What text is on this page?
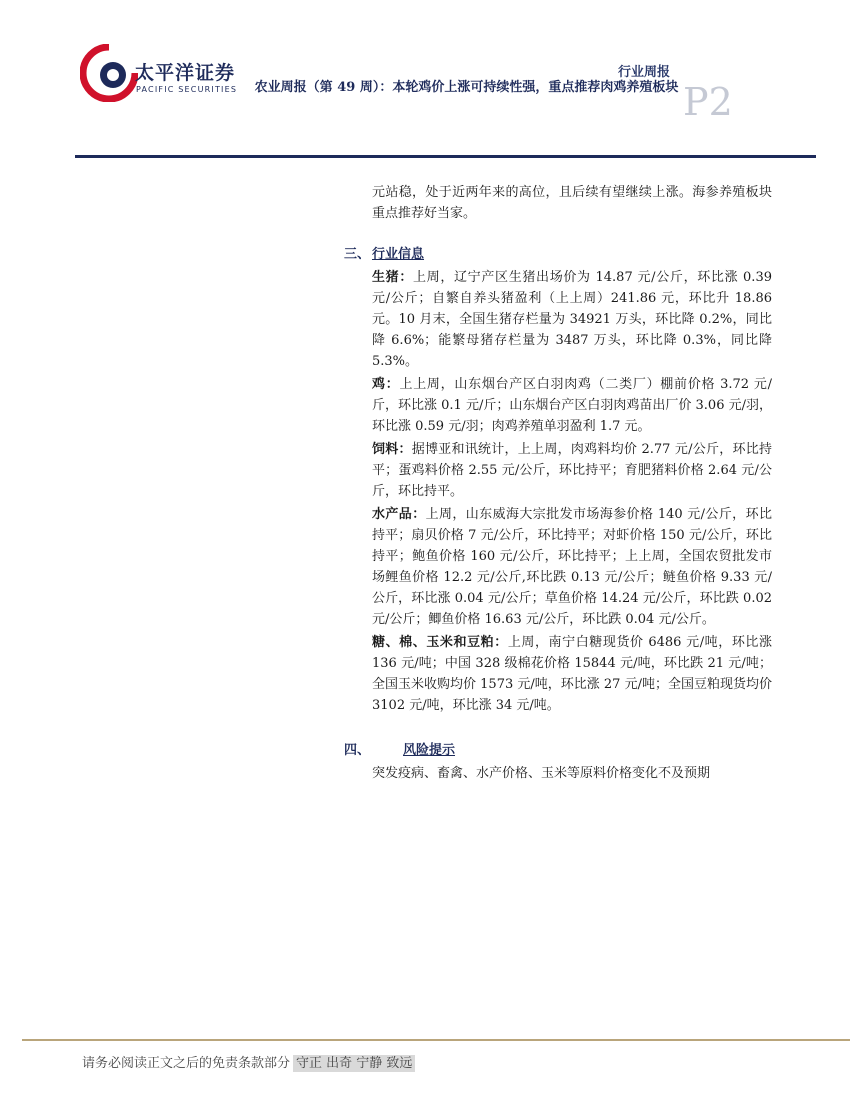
太平洋证券
PACIFIC SECURITIES
行业周报
农业周报（第 49 周）：本轮鸡价上涨可持续性强，重点推荐肉鸡养殖板块 P2

元站稳，处于近两年来的高位，且后续有望继续上涨。海参养殖板块重点推荐好当家。

三、 行业信息

生猪：上周，辽宁产区生猪出场价为 14.87 元/公斤，环比涨 0.39 元/公斤；自繁自养头猪盈利（上上周）241.86 元，环比升 18.86 元。10 月末，全国生猪存栏量为 34921 万头，环比降 0.2%，同比降 6.6%；能繁母猪存栏量为 3487 万头，环比降 0.3%，同比降 5.3%。

鸡：上上周，山东烟台产区白羽肉鸡（二类厂）棚前价格 3.72 元/斤，环比涨 0.1 元/斤；山东烟台产区白羽肉鸡苗出厂价 3.06 元/羽，环比涨 0.59 元/羽；肉鸡养殖单羽盈利 1.7 元。

饲料：据博亚和讯统计，上上周，肉鸡料均价 2.77 元/公斤，环比持平；蛋鸡料价格 2.55 元/公斤，环比持平；育肥猪料价格 2.64 元/公斤，环比持平。

水产品：上周，山东威海大宗批发市场海参价格 140 元/公斤，环比持平；扇贝价格 7 元/公斤，环比持平；对虾价格 150 元/公斤，环比持平；鲍鱼价格 160 元/公斤，环比持平；上上周，全国农贸批发市场鲤鱼价格 12.2 元/公斤,环比跌 0.13 元/公斤；鲢鱼价格 9.33 元/公斤，环比涨 0.04 元/公斤；草鱼价格 14.24 元/公斤，环比跌 0.02 元/公斤；鲫鱼价格 16.63 元/公斤，环比跌 0.04 元/公斤。

糖、棉、玉米和豆粕：上周，南宁白糖现货价 6486 元/吨，环比涨 136 元/吨；中国 328 级棉花价格 15844 元/吨，环比跌 21 元/吨；全国玉米收购均价 1573 元/吨，环比涨 27 元/吨；全国豆粕现货均价 3102 元/吨，环比涨 34 元/吨。

四、	风险提示

突发疫病、畜禽、水产价格、玉米等原料价格变化不及预期

请务必阅读正文之后的免责条款部分 守正 出奇 宁静 致远
